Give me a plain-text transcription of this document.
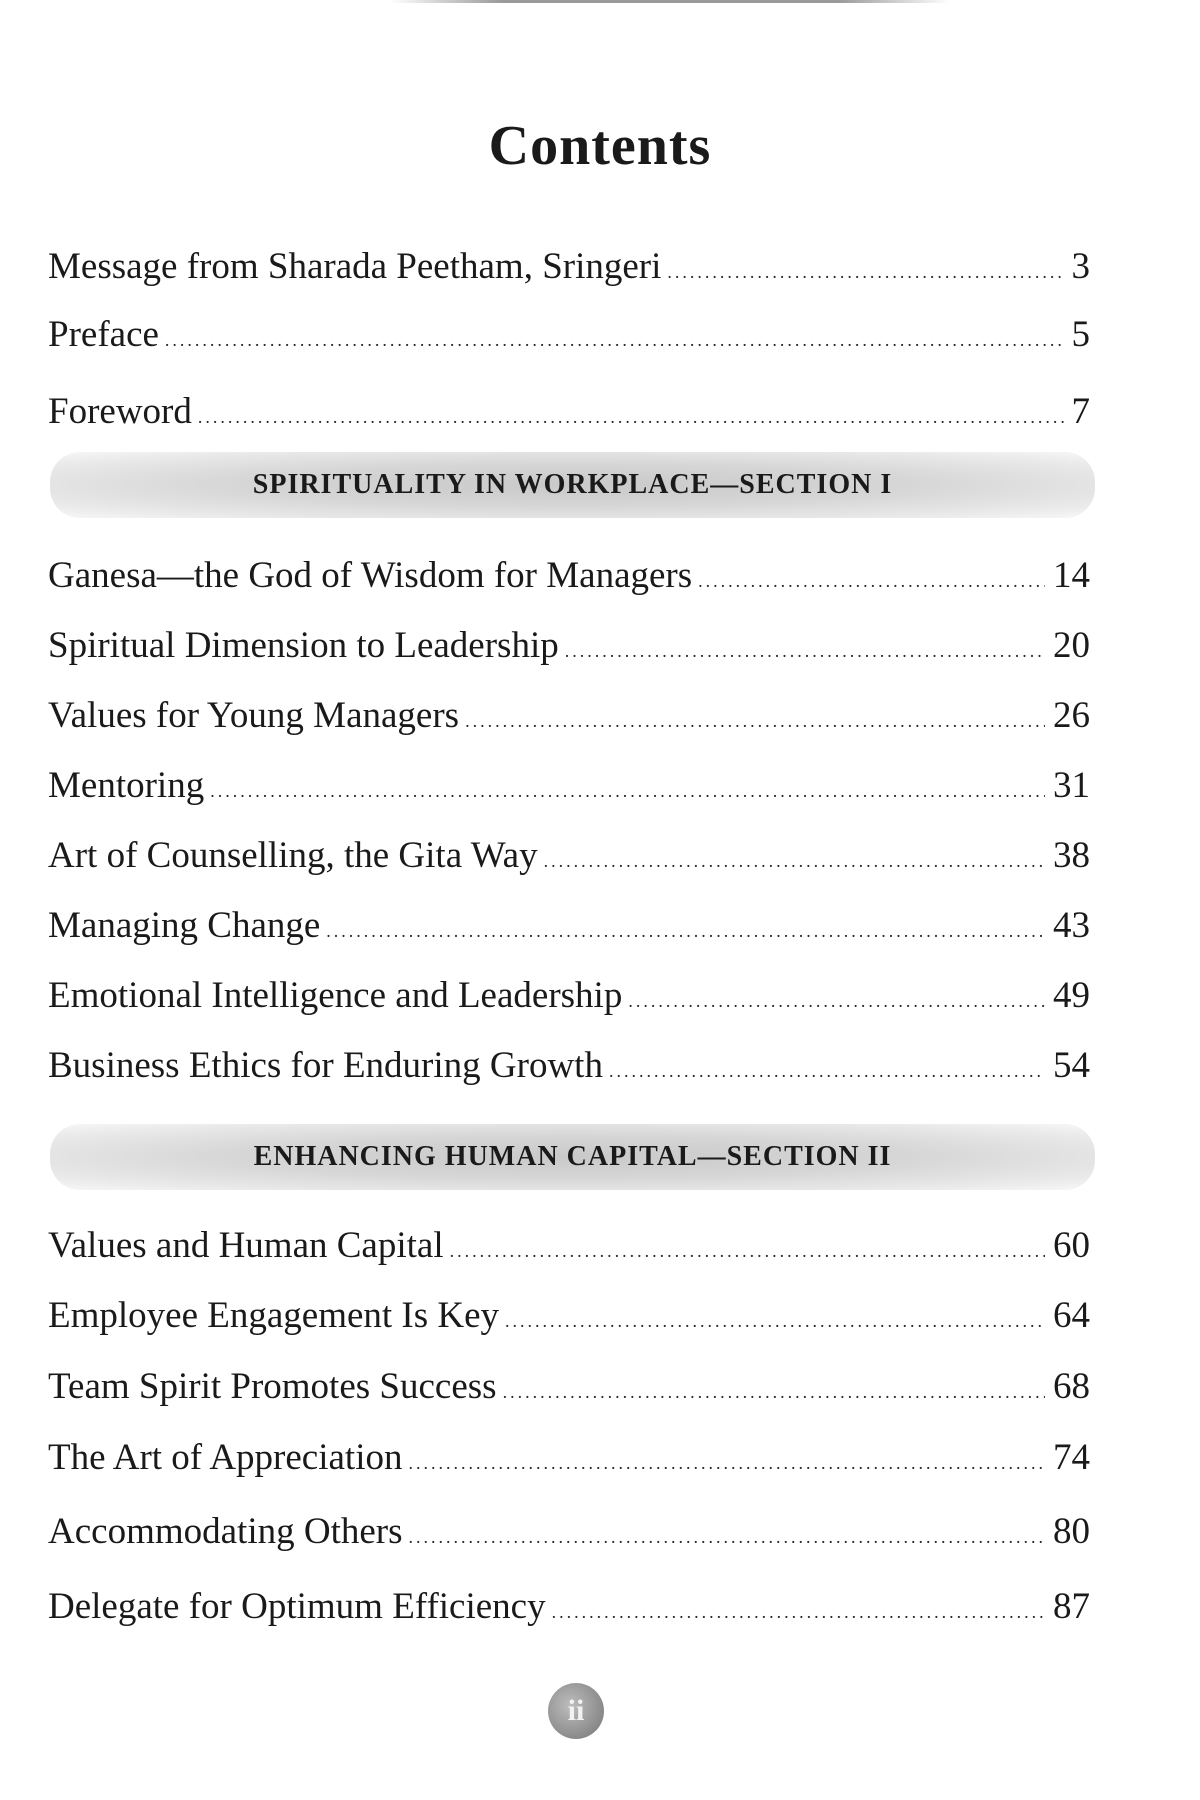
Contents
Message from Sharada Peetham, Sringeri .....	3
Preface .....	5
Foreword .....	7
SPIRITUALITY IN WORKPLACE—SECTION I
Ganesa—the God of Wisdom for Managers .....	14
Spiritual Dimension to Leadership .....	20
Values for Young Managers .....	26
Mentoring .....	31
Art of Counselling, the Gita Way .....	38
Managing Change .....	43
Emotional Intelligence and Leadership .....	49
Business Ethics for Enduring Growth .....	54
ENHANCING HUMAN CAPITAL—SECTION II
Values and Human Capital .....	60
Employee Engagement Is Key .....	64
Team Spirit Promotes Success .....	68
The Art of Appreciation .....	74
Accommodating Others .....	80
Delegate for Optimum Efficiency .....	87
ii
